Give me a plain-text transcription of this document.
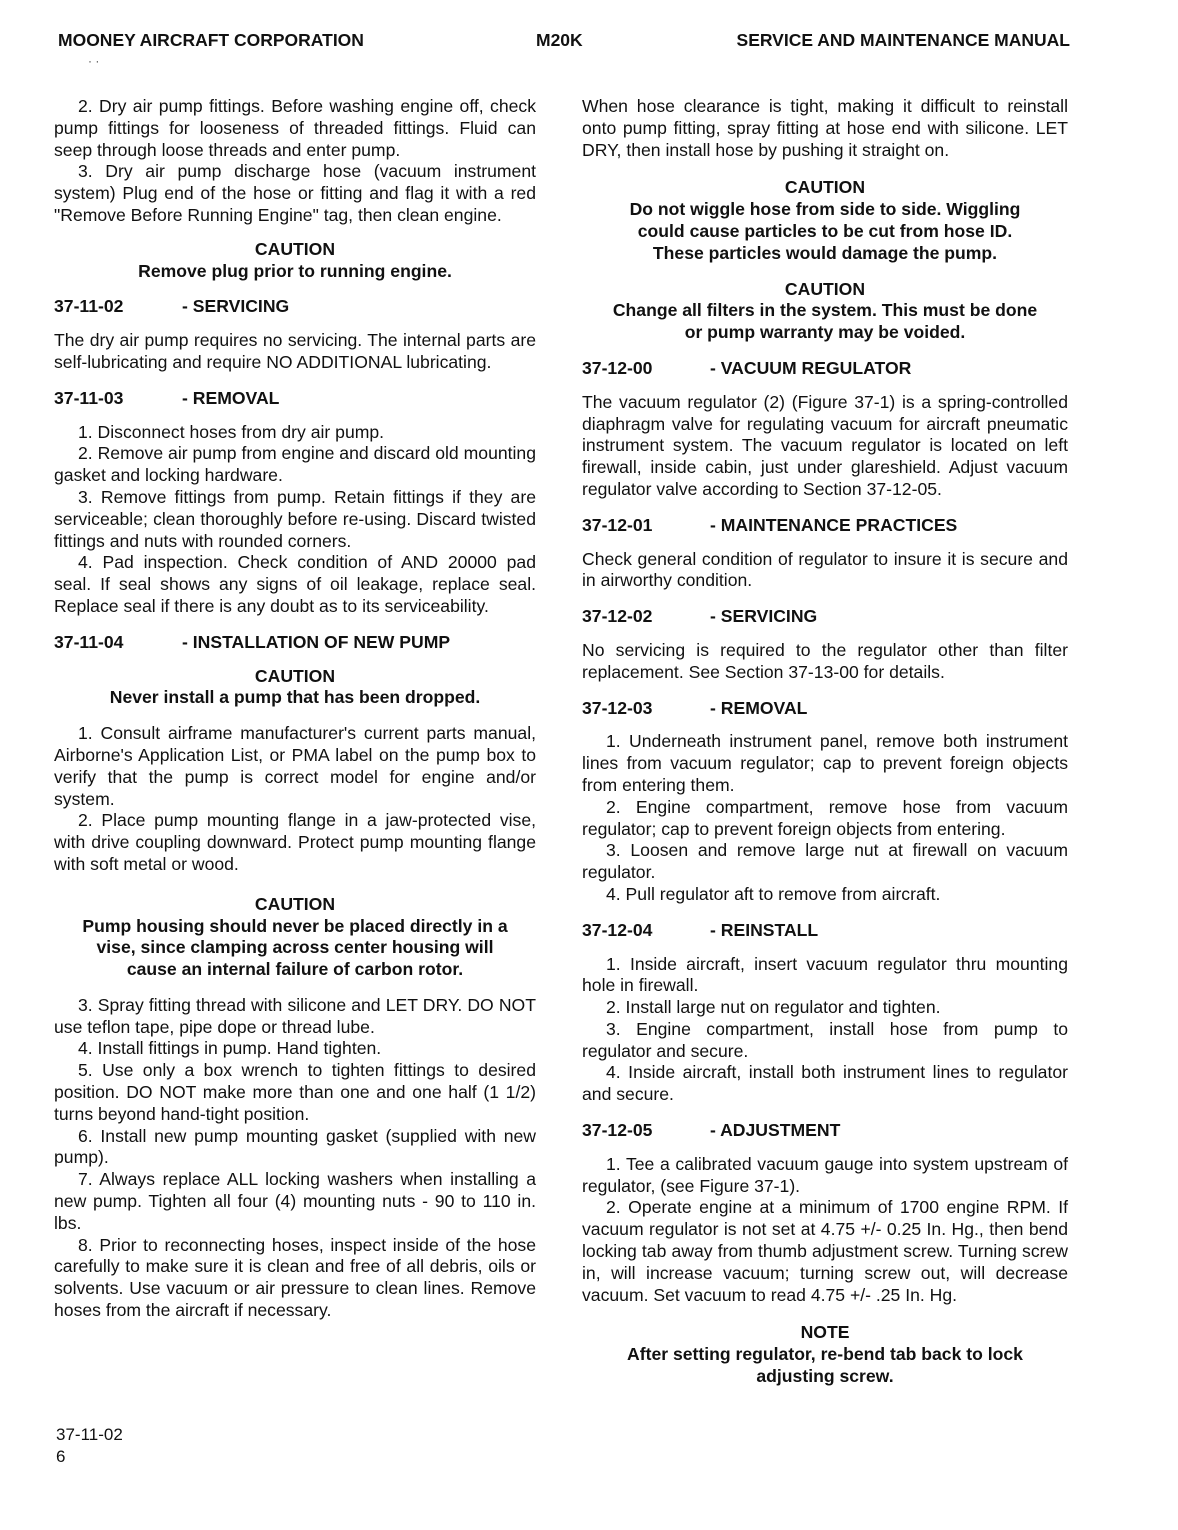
MOONEY AIRCRAFT CORPORATION	M20K	SERVICE AND MAINTENANCE MANUAL
· ·

2. Dry air pump fittings. Before washing engine off, check pump fittings for looseness of threaded fittings. Fluid can seep through loose threads and enter pump.

3. Dry air pump discharge hose (vacuum instrument system) Plug end of the hose or fitting and flag it with a red "Remove Before Running Engine" tag, then clean engine.

CAUTION
Remove plug prior to running engine.
37-11-02	- SERVICING

The dry air pump requires no servicing. The internal parts are self-lubricating and require NO ADDITIONAL lubricating.

37-11-03	- REMOVAL

1. Disconnect hoses from dry air pump.

2. Remove air pump from engine and discard old mounting gasket and locking hardware.

3. Remove fittings from pump. Retain fittings if they are serviceable; clean thoroughly before re-using. Discard twisted fittings and nuts with rounded corners.

4. Pad inspection. Check condition of AND 20000 pad seal. If seal shows any signs of oil leakage, replace seal. Replace seal if there is any doubt as to its serviceability.

37-11-04	- INSTALLATION OF NEW PUMP
CAUTION
Never install a pump that has been dropped.

1. Consult airframe manufacturer's current parts manual, Airborne's Application List, or PMA label on the pump box to verify that the pump is correct model for engine and/or system.

2. Place pump mounting flange in a jaw-protected vise, with drive coupling downward. Protect pump mounting flange with soft metal or wood.

CAUTION
Pump housing should never be placed directly in a
vise, since clamping across center housing will
cause an internal failure of carbon rotor.

3. Spray fitting thread with silicone and LET DRY. DO NOT use teflon tape, pipe dope or thread lube.

4. Install fittings in pump. Hand tighten.

5. Use only a box wrench to tighten fittings to desired position. DO NOT make more than one and one half (1 1/2) turns beyond hand-tight position.

6. Install new pump mounting gasket (supplied with new pump).

7. Always replace ALL locking washers when installing a new pump. Tighten all four (4) mounting nuts - 90 to 110 in. lbs.

8. Prior to reconnecting hoses, inspect inside of the hose carefully to make sure it is clean and free of all debris, oils or solvents. Use vacuum or air pressure to clean lines. Remove hoses from the aircraft if necessary.

When hose clearance is tight, making it difficult to reinstall onto pump fitting, spray fitting at hose end with silicone. LET DRY, then install hose by pushing it straight on.

CAUTION
Do not wiggle hose from side to side. Wiggling
could cause particles to be cut from hose ID.
These particles would damage the pump.
CAUTION
Change all filters in the system. This must be done
or pump warranty may be voided.
37-12-00	- VACUUM REGULATOR

The vacuum regulator (2) (Figure 37-1) is a spring-controlled diaphragm valve for regulating vacuum for aircraft pneumatic instrument system. The vacuum regulator is located on left firewall, inside cabin, just under glareshield. Adjust vacuum regulator valve according to Section 37-12-05.

37-12-01	- MAINTENANCE PRACTICES

Check general condition of regulator to insure it is secure and in airworthy condition.

37-12-02	- SERVICING

No servicing is required to the regulator other than filter replacement. See Section 37-13-00 for details.

37-12-03	- REMOVAL

1. Underneath instrument panel, remove both instrument lines from vacuum regulator; cap to prevent foreign objects from entering them.

2. Engine compartment, remove hose from vacuum regulator; cap to prevent foreign objects from entering.

3. Loosen and remove large nut at firewall on vacuum regulator.

4. Pull regulator aft to remove from aircraft.

37-12-04	- REINSTALL

1. Inside aircraft, insert vacuum regulator thru mounting hole in firewall.

2. Install large nut on regulator and tighten.

3. Engine compartment, install hose from pump to regulator and secure.

4. Inside aircraft, install both instrument lines to regulator and secure.

37-12-05	- ADJUSTMENT

1. Tee a calibrated vacuum gauge into system upstream of regulator, (see Figure 37-1).

2. Operate engine at a minimum of 1700 engine RPM. If vacuum regulator is not set at 4.75 +/- 0.25 In. Hg., then bend locking tab away from thumb adjustment screw. Turning screw in, will increase vacuum; turning screw out, will decrease vacuum. Set vacuum to read 4.75 +/- .25 In. Hg.

NOTE
After setting regulator, re-bend tab back to lock
adjusting screw.
37-11-02
6
